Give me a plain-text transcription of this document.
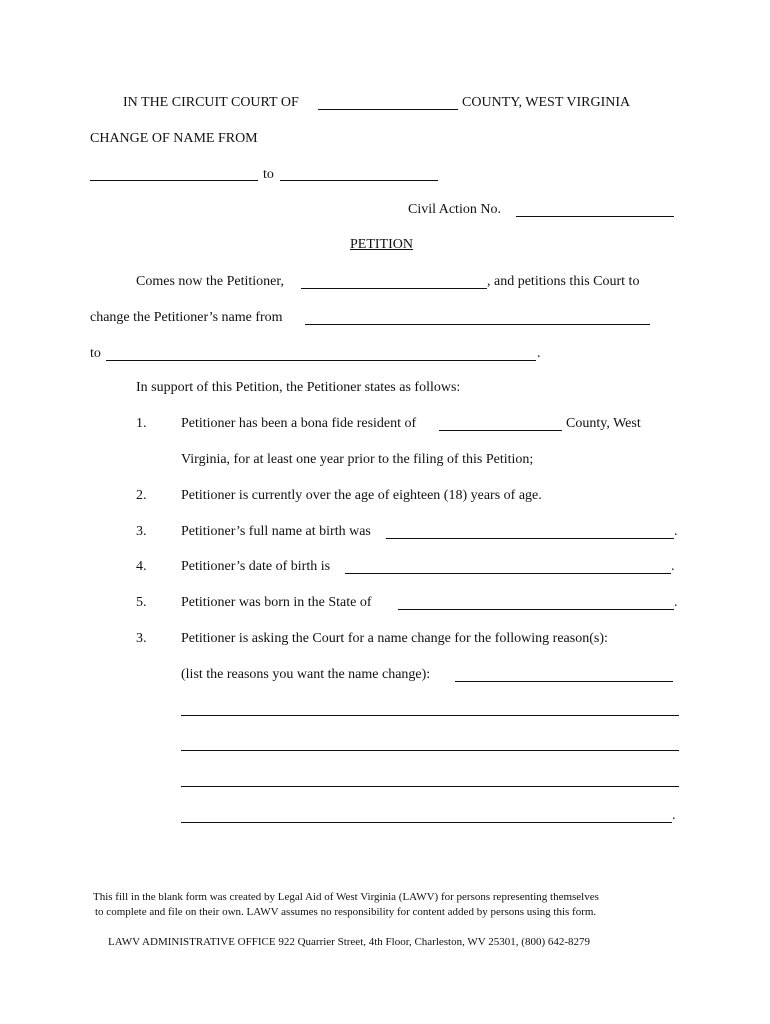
IN THE CIRCUIT COURT OF	COUNTY, WEST VIRGINIA
CHANGE OF NAME FROM
to
Civil Action No.
PETITION
Comes now the Petitioner,	, and petitions this Court to
change the Petitioner’s name from
to	.
In support of this Petition, the Petitioner states as follows:
1. Petitioner has been a bona fide resident of	County, West
Virginia, for at least one year prior to the filing of this Petition;
2. Petitioner is currently over the age of eighteen (18) years of age.
3. Petitioner’s full name at birth was	.
4. Petitioner’s date of birth is	.
5. Petitioner was born in the State of	.
3. Petitioner is asking the Court for a name change for the following reason(s):
(list the reasons you want the name change):
.
This fill in the blank form was created by Legal Aid of West Virginia (LAWV) for persons representing themselves
to complete and file on their own. LAWV assumes no responsibility for content added by persons using this form.
LAWV ADMINISTRATIVE OFFICE 922 Quarrier Street, 4th Floor, Charleston, WV 25301, (800) 642-8279
